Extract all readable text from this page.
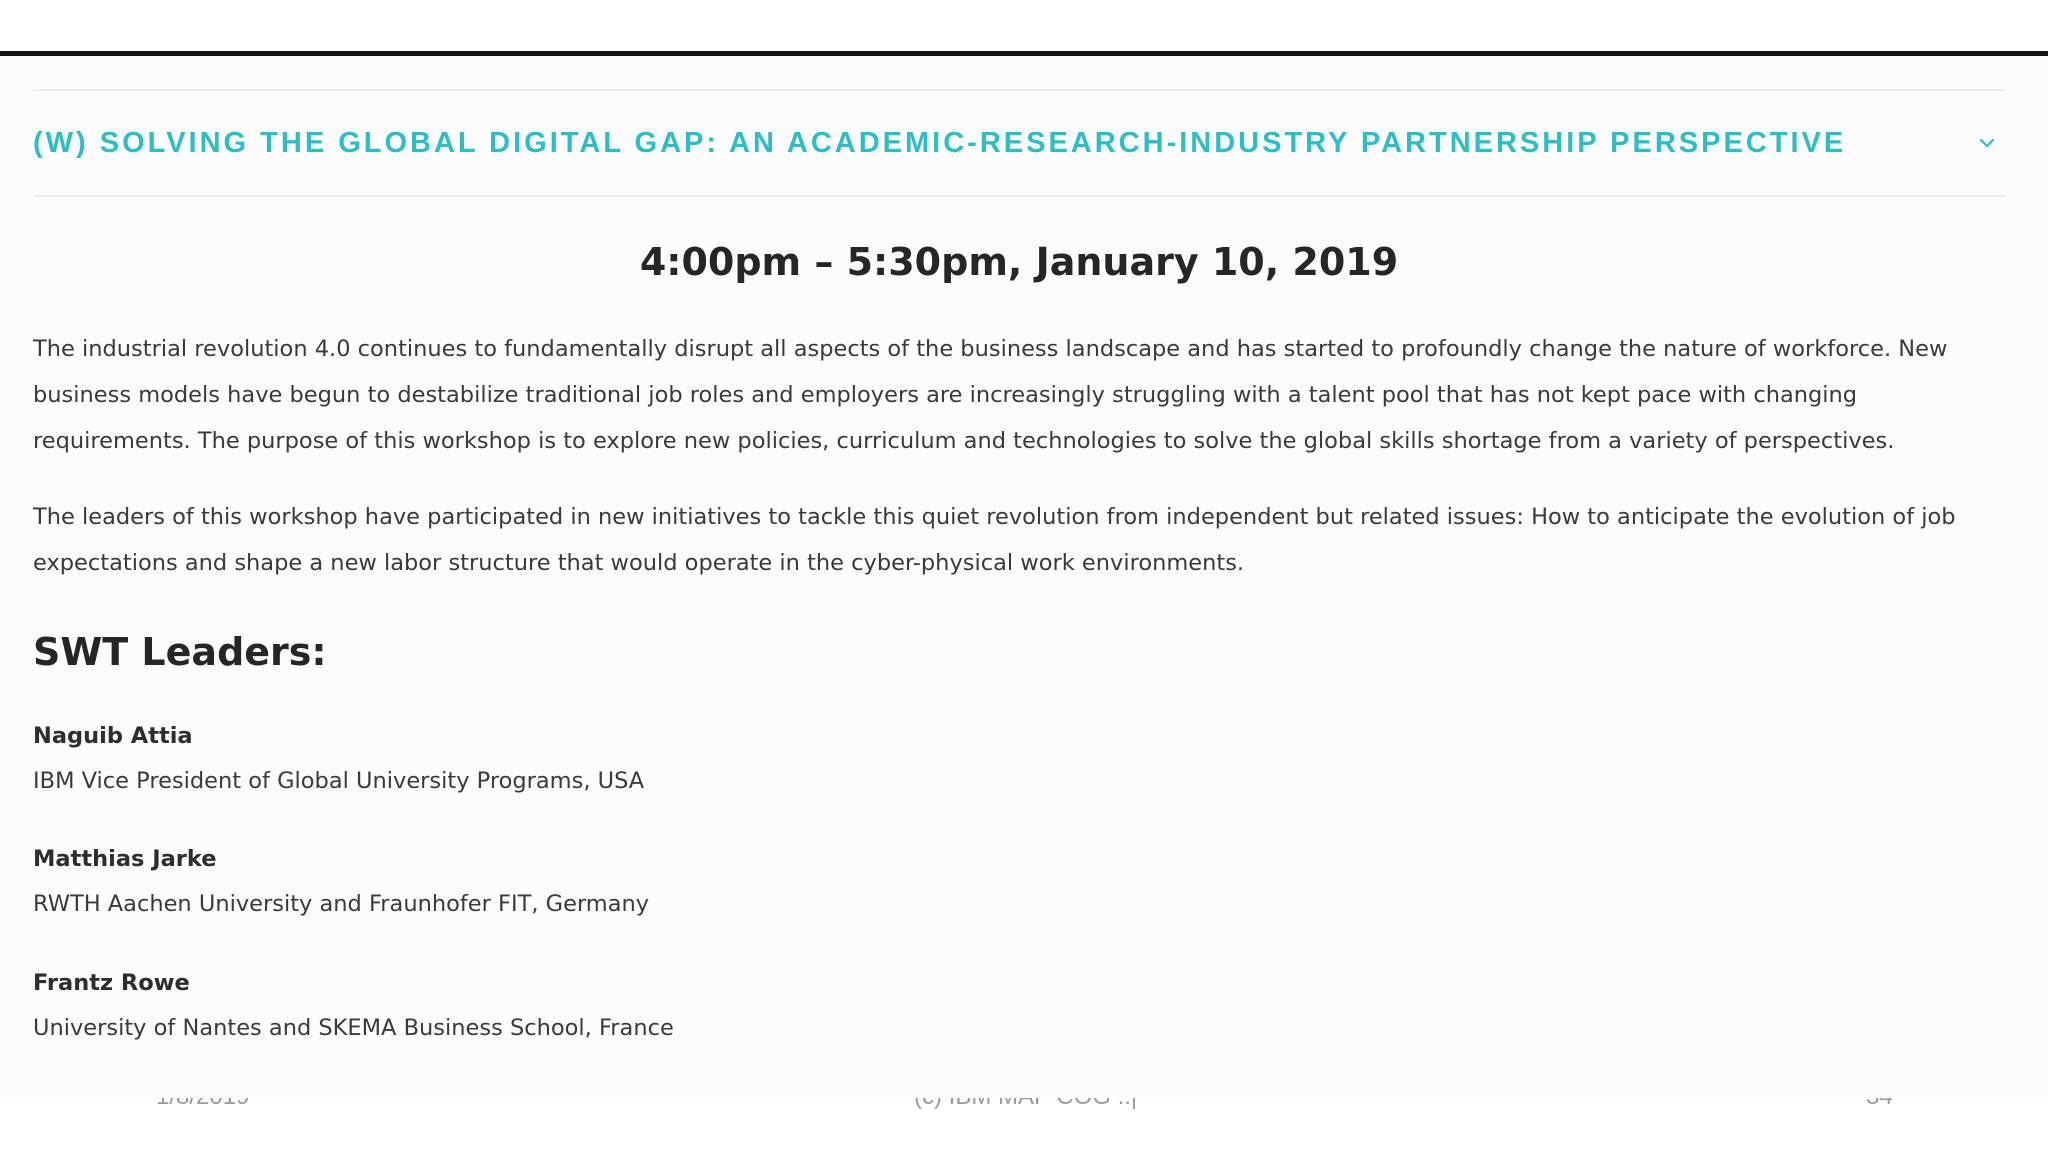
(W) SOLVING THE GLOBAL DIGITAL GAP: AN ACADEMIC-RESEARCH-INDUSTRY PARTNERSHIP PERSPECTIVE
4:00pm – 5:30pm, January 10, 2019

The industrial revolution 4.0 continues to fundamentally disrupt all aspects of the business landscape and has started to profoundly change the nature of workforce. New business models have begun to destabilize traditional job roles and employers are increasingly struggling with a talent pool that has not kept pace with changing requirements. The purpose of this workshop is to explore new policies, curriculum and technologies to solve the global skills shortage from a variety of perspectives.

The leaders of this workshop have participated in new initiatives to tackle this quiet revolution from independent but related issues: How to anticipate the evolution of job expectations and shape a new labor structure that would operate in the cyber-physical work environments.

SWT Leaders:
Naguib Attia
IBM Vice President of Global University Programs, USA
Matthias Jarke
RWTH Aachen University and Fraunhofer FIT, Germany
Frantz Rowe
University of Nantes and SKEMA Business School, France
